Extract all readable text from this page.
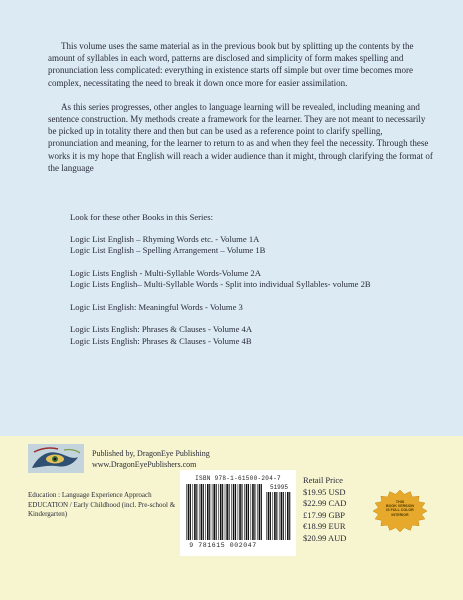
This volume uses the same material as in the previous book but by splitting up the contents by the amount of syllables in each word, patterns are disclosed and simplicity of form makes spelling and pronunciation less complicated: everything in existence starts off simple but over time becomes more complex, necessitating the need to break it down once more for easier assimilation.

As this series progresses, other angles to language learning will be revealed, including meaning and sentence construction. My methods create a framework for the learner. They are not meant to necessarily be picked up in totality there and then but can be used as a reference point to clarify spelling, pronunciation and meaning, for the learner to return to as and when they feel the necessity. Through these works it is my hope that English will reach a wider audience than it might, through clarifying the format of the language

Look for these other Books in this Series:

Logic List English – Rhyming Words etc. - Volume 1A
Logic List English – Spelling Arrangement – Volume 1B
Logic Lists English - Multi-Syllable Words-Volume 2A
Logic Lists English– Multi-Syllable Words - Split into individual Syllables- volume 2B
Logic List English: Meaningful Words - Volume 3
Logic Lists English: Phrases & Clauses - Volume 4A
Logic Lists English: Phrases & Clauses - Volume 4B
Published by, DragonEye Publishing
www.DragonEyePublishers.com
Education : Language Experience Approach
EDUCATION / Early Childhood (incl. Pre-school & Kindergarten)
ISBN 978-1-61500-204-7
51995
9 781615 002047
Retail Price
$19.95 USD
$22.99 CAD
£17.99 GBP
€18.99 EUR
$20.99 AUD
THIS
BOOK VERSION
IS FULL COLOR
INTERIOR
